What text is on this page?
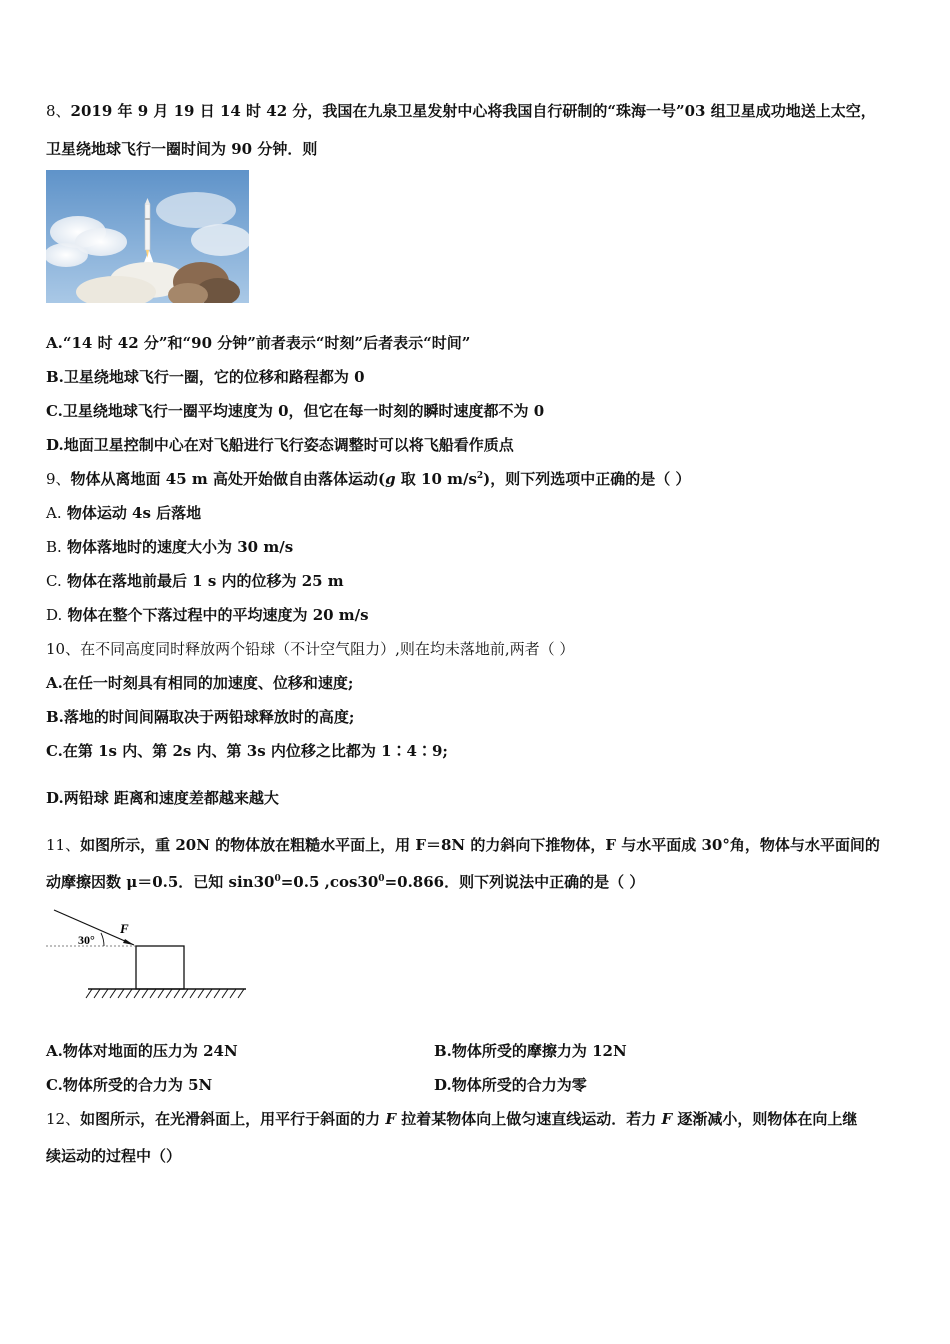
8、2019 年 9 月 19 日 14 时 42 分，我国在九泉卫星发射中心将我国自行研制的“珠海一号”03 组卫星成功地送上太空，
卫星绕地球飞行一圈时间为 90 分钟．则
A.“14 时 42 分”和“90 分钟”前者表示“时刻”后者表示“时间”
B.卫星绕地球飞行一圈，它的位移和路程都为 0
C.卫星绕地球飞行一圈平均速度为 0，但它在每一时刻的瞬时速度都不为 0
D.地面卫星控制中心在对飞船进行飞行姿态调整时可以将飞船看作质点
9、物体从离地面 45 m 高处开始做自由落体运动(g 取 10 $m/s^2$)，则下列选项中正确的是（ ）
A. 物体运动 4s 后落地
B. 物体落地时的速度大小为 30 m/s
C. 物体在落地前最后 1 s 内的位移为 25 m
D. 物体在整个下落过程中的平均速度为 20 m/s
10、在不同高度同时释放两个铅球（不计空气阻力）,则在均未落地前,两者（ ）
A.在任一时刻具有相同的加速度、位移和速度;
B.落地的时间间隔取决于两铅球释放时的高度;
C.在第 1s 内、第 2s 内、第 3s 内位移之比都为 1∶4∶9;
D.两铅球 距离和速度差都越来越大
11、如图所示，重 20N 的物体放在粗糙水平面上，用 F＝8N 的力斜向下推物体，F 与水平面成 30°角，物体与水平面间的
动摩擦因数 μ＝0.5．已知 $\sin 30^0=0.5$ $,\cos 30^0=0.866$．则下列说法中正确的是（ ）
30°
F
A.物体对地面的压力为 24N	B.物体所受的摩擦力为 12N
C.物体所受的合力为 5N	D.物体所受的合力为零
12、如图所示，在光滑斜面上，用平行于斜面的力 F 拉着某物体向上做匀速直线运动．若力 F 逐渐减小，则物体在向上继
续运动的过程中（）
